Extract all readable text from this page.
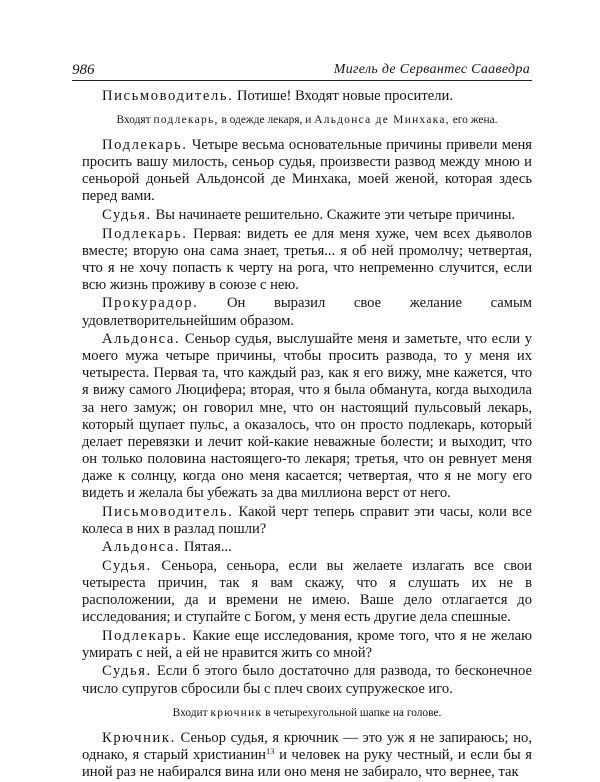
986	Мигель де Сервантес Сааведра

Письмоводитель. Потише! Входят новые просители.

Входят подлекарь, в одежде лекаря, и Альдонса де Минхака, его жена.

Подлекарь. Четыре весьма основательные причины привели меня просить вашу милость, сеньор судья, произвести развод между мною и сеньорой доньей Альдонсой де Минхака, моей женой, которая здесь перед вами.

Судья. Вы начинаете решительно. Скажите эти четыре причины.

Подлекарь. Первая: видеть ее для меня хуже, чем всех дьяволов вместе; вторую она сама знает, третья... я об ней промолчу; четвертая, что я не хочу попасть к черту на рога, что непременно случится, если всю жизнь проживу в союзе с нею.

Прокурадор. Он выразил свое желание самым удовлетворительнейшим образом.

Альдонса. Сеньор судья, выслушайте меня и заметьте, что если у моего мужа четыре причины, чтобы просить развода, то у меня их четыреста. Первая та, что каждый раз, как я его вижу, мне кажется, что я вижу самого Люцифера; вторая, что я была обманута, когда выходила за него замуж; он говорил мне, что он настоящий пульсовый лекарь, который щупает пульс, а оказалось, что он просто подлекарь, который делает перевязки и лечит кой-какие неважные болести; и выходит, что он только половина настоящего-то лекаря; третья, что он ревнует меня даже к солнцу, когда оно меня касается; четвертая, что я не могу его видеть и желала бы убежать за два миллиона верст от него.

Письмоводитель. Какой черт теперь справит эти часы, коли все колеса в них в разлад пошли?

Альдонса. Пятая...

Судья. Сеньора, сеньора, если вы желаете излагать все свои четыреста причин, так я вам скажу, что я слушать их не в расположении, да и времени не имею. Ваше дело отлагается до исследования; и ступайте с Богом, у меня есть другие дела спешные.

Подлекарь. Какие еще исследования, кроме того, что я не желаю умирать с ней, а ей не нравится жить со мной?

Судья. Если б этого было достаточно для развода, то бесконечное число супругов сбросили бы с плеч своих супружеское иго.

Входит крючник в четырехугольной шапке на голове.

Крючник. Сеньор судья, я крючник — это уж я не запираюсь; но, однако, я старый христианин$^{13}$ и человек на руку честный, и если бы я иной раз не набирался вина или оно меня не забирало, что вернее, так
